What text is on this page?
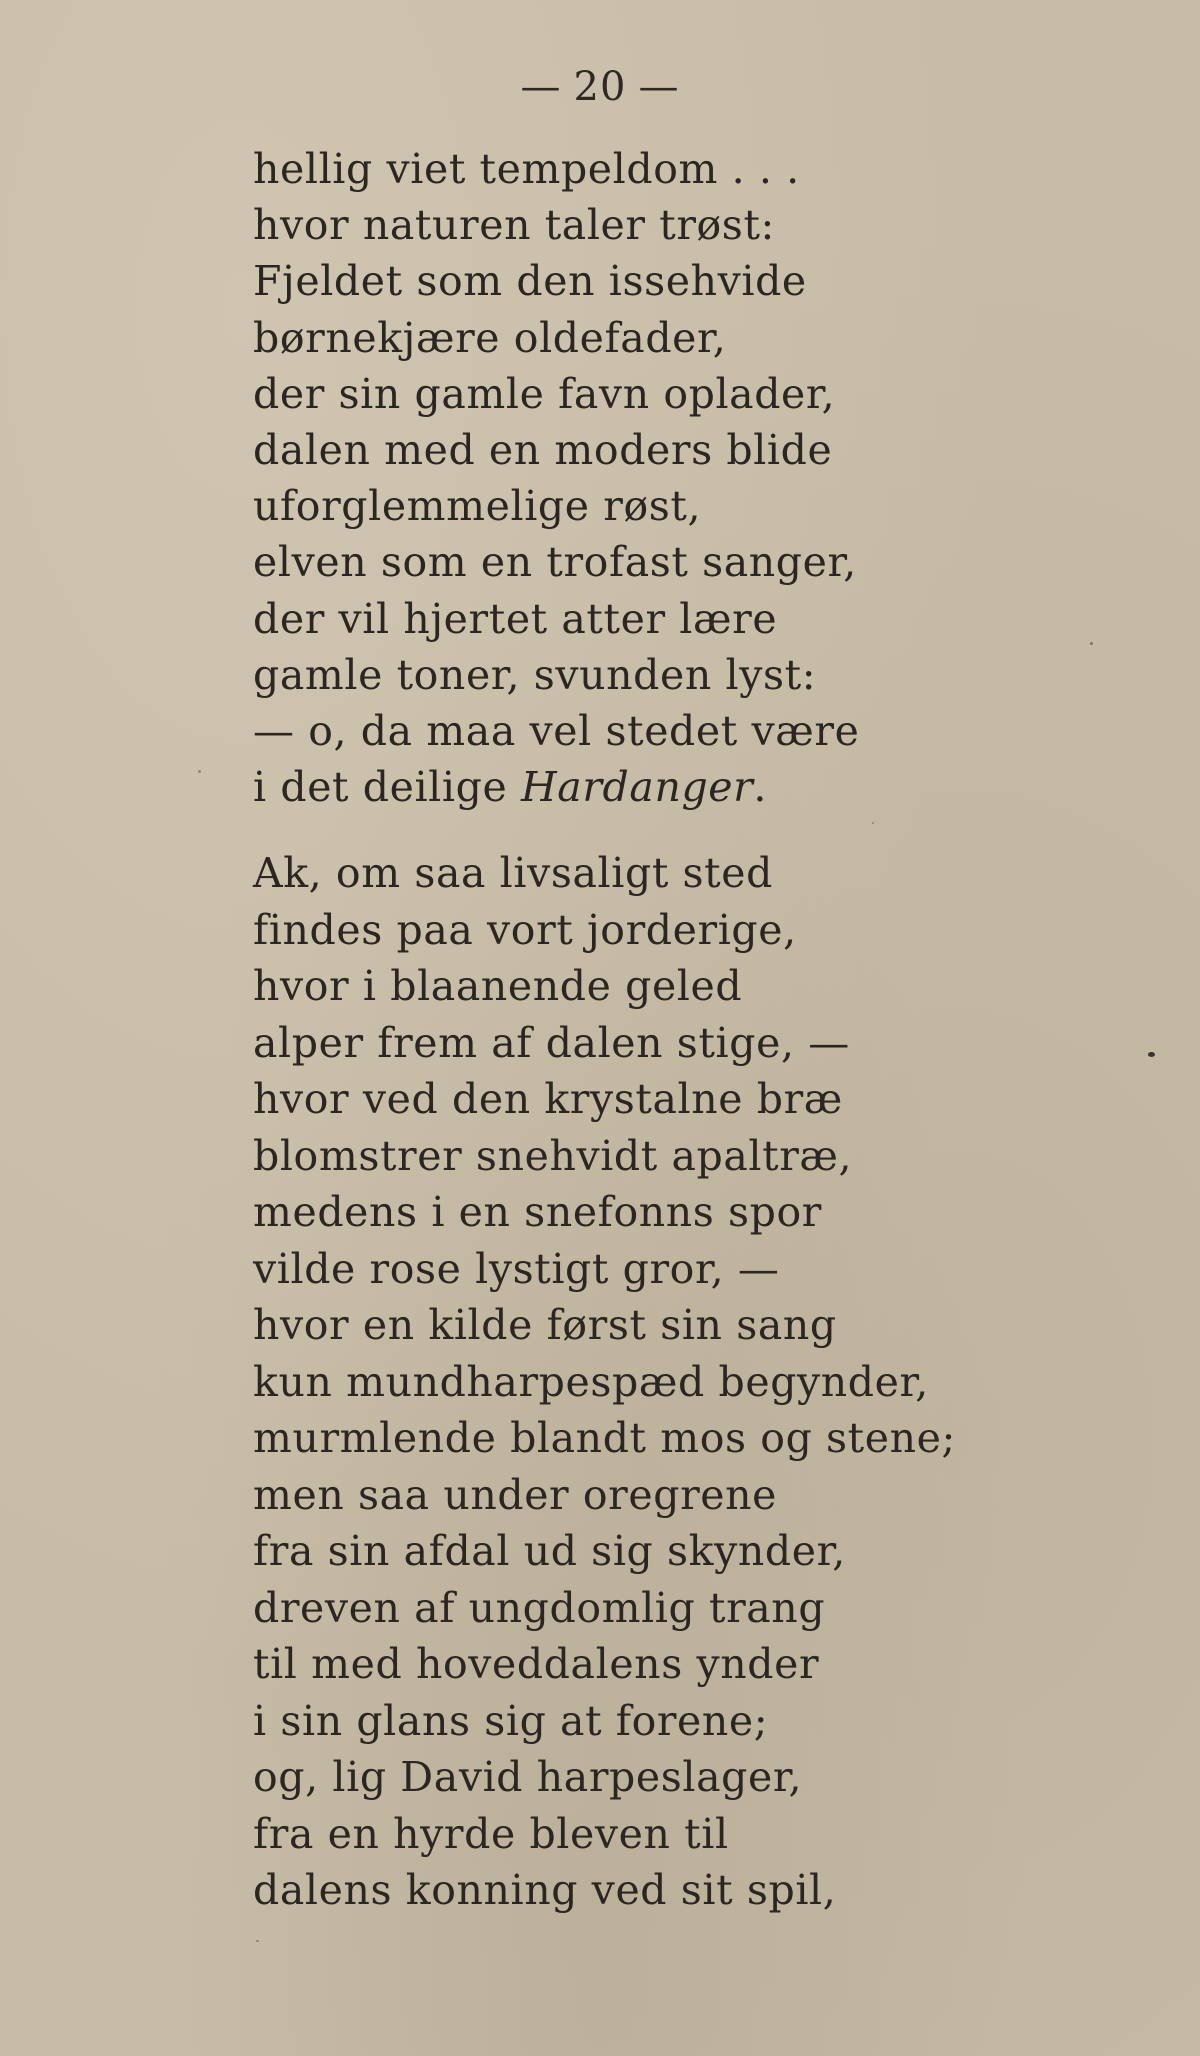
— 20 —
hellig viet tempeldom . . .
hvor naturen taler trøst:
Fjeldet som den issehvide
børnekjære oldefader,
der sin gamle favn oplader,
dalen med en moders blide
uforglemmelige røst,
elven som en trofast sanger,
der vil hjertet atter lære
gamle toner, svunden lyst:
— o, da maa vel stedet være
i det deilige Hardanger.
Ak, om saa livsaligt sted
findes paa vort jorderige,
hvor i blaanende geled
alper frem af dalen stige, —
hvor ved den krystalne bræ
blomstrer snehvidt apaltræ,
medens i en snefonns spor
vilde rose lystigt gror, —
hvor en kilde først sin sang
kun mundharpespæd begynder,
murmlende blandt mos og stene;
men saa under oregrene
fra sin afdal ud sig skynder,
dreven af ungdomlig trang
til med hoveddalens ynder
i sin glans sig at forene;
og, lig David harpeslager,
fra en hyrde bleven til
dalens konning ved sit spil,
